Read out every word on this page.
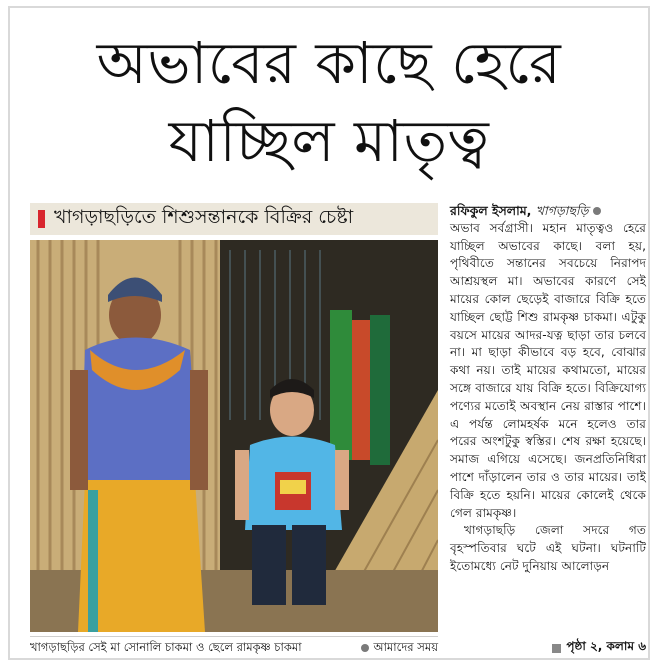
অভাবের কাছে হেরে
যাচ্ছিল মাতৃত্ব
খাগড়াছড়িতে শিশুসন্তানকে বিক্রির চেষ্টা
খাগড়াছড়ির সেই মা সোনালি চাকমা ও ছেলে রামকৃষ্ণ চাকমা	আমাদের সময়
রফিকুল ইসলাম, খাগড়াছড়ি

অভাব সর্বগ্রাসী। মহান মাতৃত্বও হেরে যাচ্ছিল অভাবের কাছে। বলা হয়, পৃথিবীতে সন্তানের সবচেয়ে নিরাপদ আশ্রয়স্থল মা। অভাবের কারণে সেই মায়ের কোল ছেড়েই বাজারে বিক্রি হতে যাচ্ছিল ছোট্ট শিশু রামকৃষ্ণ চাকমা। এটুকু বয়সে মায়ের আদর-যত্ন ছাড়া তার চলবে না। মা ছাড়া কীভাবে বড় হবে, বোঝার কথা নয়। তাই মায়ের কথামতো, মায়ের সঙ্গে বাজারে যায় বিক্রি হতে। বিক্রিযোগ্য পণ্যের মতোই অবস্থান নেয় রাস্তার পাশে। এ পর্যন্ত লোমহর্ষক মনে হলেও তার পরের অংশটুকু স্বস্তির। শেষ রক্ষা হয়েছে। সমাজ এগিয়ে এসেছে। জনপ্রতিনিধিরা পাশে দাঁড়ালেন তার ও তার মায়ের। তাই বিক্রি হতে হয়নি। মায়ের কোলেই থেকে গেল রামকৃষ্ণ।

খাগড়াছড়ি জেলা সদরে গত বৃহস্পতিবার ঘটে এই ঘটনা। ঘটনাটি ইতোমধ্যে নেট দুনিয়ায় আলোড়ন

পৃষ্ঠা ২, কলাম ৬
